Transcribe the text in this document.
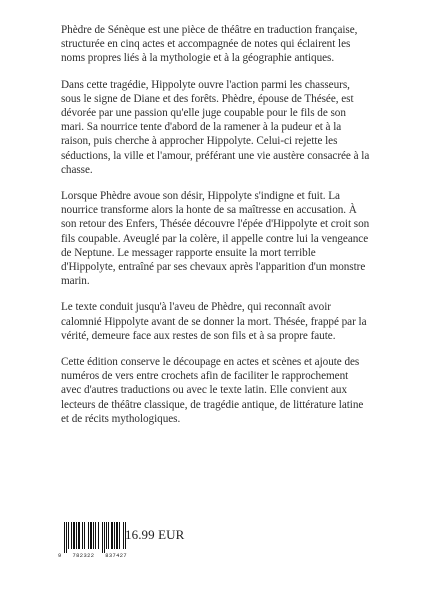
Phèdre de Sénèque est une pièce de théâtre en traduction française, structurée en cinq actes et accompagnée de notes qui éclairent les noms propres liés à la mythologie et à la géographie antiques.

Dans cette tragédie, Hippolyte ouvre l'action parmi les chasseurs, sous le signe de Diane et des forêts. Phèdre, épouse de Thésée, est dévorée par une passion qu'elle juge coupable pour le fils de son mari. Sa nourrice tente d'abord de la ramener à la pudeur et à la raison, puis cherche à approcher Hippolyte. Celui-ci rejette les séductions, la ville et l'amour, préférant une vie austère consacrée à la chasse.

Lorsque Phèdre avoue son désir, Hippolyte s'indigne et fuit. La nourrice transforme alors la honte de sa maîtresse en accusation. À son retour des Enfers, Thésée découvre l'épée d'Hippolyte et croit son fils coupable. Aveuglé par la colère, il appelle contre lui la vengeance de Neptune. Le messager rapporte ensuite la mort terrible d'Hippolyte, entraîné par ses chevaux après l'apparition d'un monstre marin.

Le texte conduit jusqu'à l'aveu de Phèdre, qui reconnaît avoir calomnié Hippolyte avant de se donner la mort. Thésée, frappé par la vérité, demeure face aux restes de son fils et à sa propre faute.

Cette édition conserve le découpage en actes et scènes et ajoute des numéros de vers entre crochets afin de faciliter le rapprochement avec d'autres traductions ou avec le texte latin. Elle convient aux lecteurs de théâtre classique, de tragédie antique, de littérature latine et de récits mythologiques.

9   782322   837427
16.99 EUR
